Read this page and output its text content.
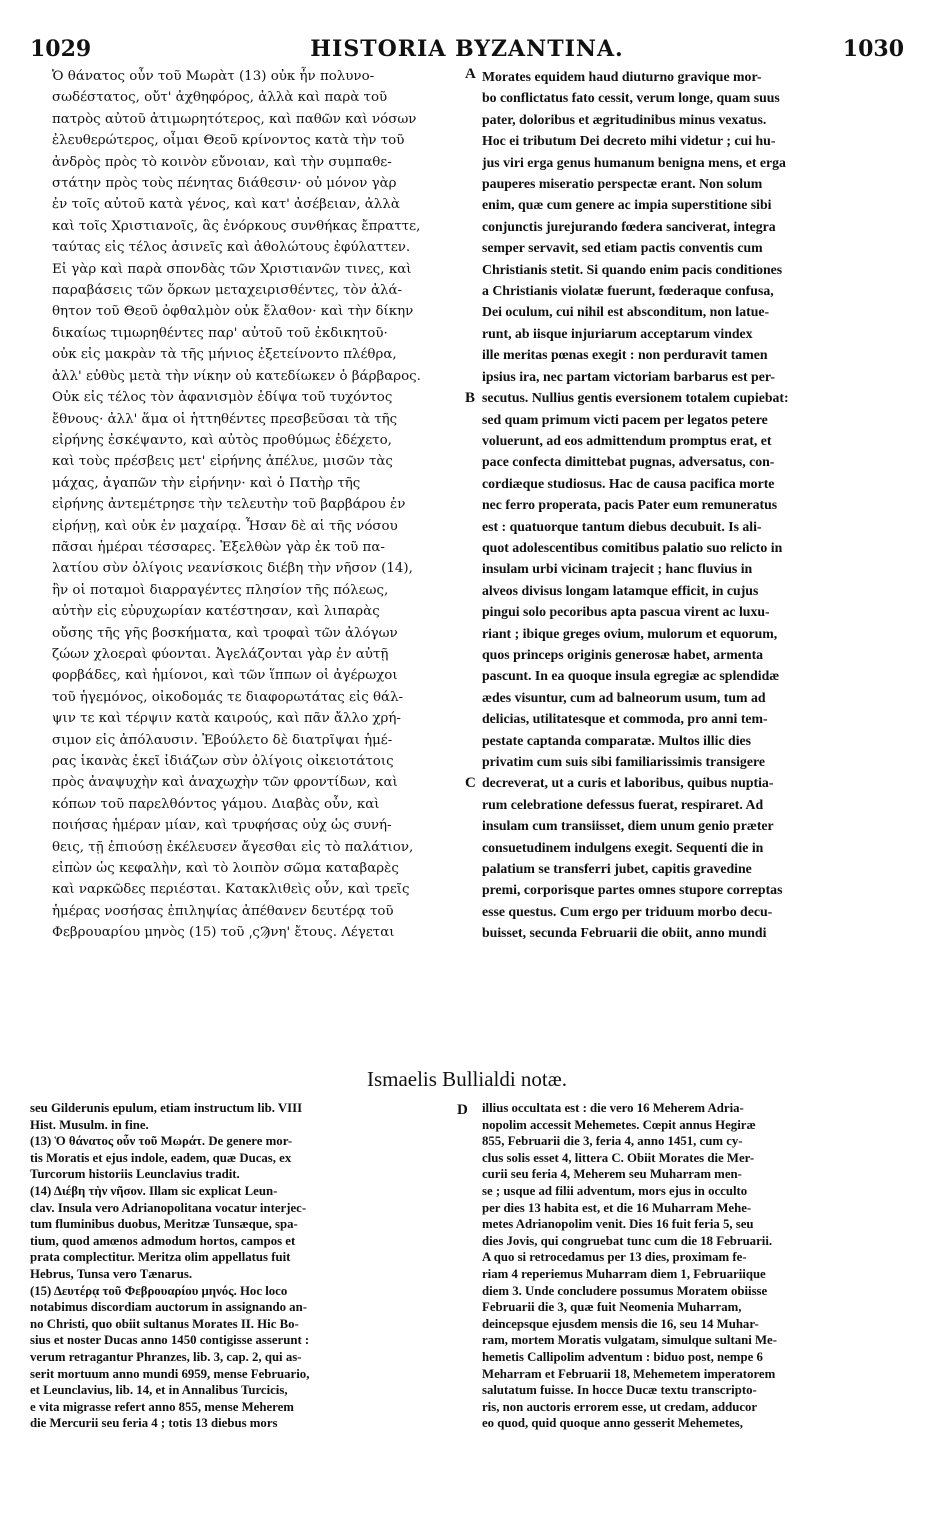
1029	HISTORIA BYZANTINA.	1030
Ὁ θάνατος οὖν τοῦ Μωρὰτ (13) οὐκ ἦν πολυνο-
σωδέστατος, οὔτ' ἀχθηφόρος, ἀλλὰ καὶ παρὰ τοῦ
πατρὸς αὐτοῦ ἀτιμωρητότερος, καὶ παθῶν καὶ νόσων
ἐλευθερώτερος, οἶμαι Θεοῦ κρίνοντος κατὰ τὴν τοῦ
ἀνδρὸς πρὸς τὸ κοινὸν εὔνοιαν, καὶ τὴν συμπαθε-
στάτην πρὸς τοὺς πένητας διάθεσιν· οὐ μόνον γὰρ
ἐν τοῖς αὐτοῦ κατὰ γένος, καὶ κατ' ἀσέβειαν, ἀλλὰ
καὶ τοῖς Χριστιανοῖς, ἃς ἐνόρκους συνθήκας ἔπραττε,
ταύτας εἰς τέλος ἀσινεῖς καὶ ἀθολώτους ἐφύλαττεν.
Εἰ γὰρ καὶ παρὰ σπονδὰς τῶν Χριστιανῶν τινες, καὶ
παραβάσεις τῶν ὅρκων μεταχειρισθέντες, τὸν ἀλά-
θητον τοῦ Θεοῦ ὀφθαλμὸν οὐκ ἔλαθον· καὶ τὴν δίκην
δικαίως τιμωρηθέντες παρ' αὐτοῦ τοῦ ἐκδικητοῦ·
οὐκ εἰς μακρὰν τὰ τῆς μήνιος ἐξετείνοντο πλέθρα,
ἀλλ' εὐθὺς μετὰ τὴν νίκην οὐ κατεδίωκεν ὁ βάρβαρος.
Οὐκ εἰς τέλος τὸν ἀφανισμὸν ἐδίψα τοῦ τυχόντος
ἔθνους· ἀλλ' ἅμα οἱ ἡττηθέντες πρεσβεῦσαι τὰ τῆς
εἰρήνης ἐσκέψαντο, καὶ αὐτὸς προθύμως ἐδέχετο,
καὶ τοὺς πρέσβεις μετ' εἰρήνης ἀπέλυε, μισῶν τὰς
μάχας, ἀγαπῶν τὴν εἰρήνην· καὶ ὁ Πατὴρ τῆς
εἰρήνης ἀντεμέτρησε τὴν τελευτὴν τοῦ βαρβάρου ἐν
εἰρήνῃ, καὶ οὐκ ἐν μαχαίρᾳ. Ἦσαν δὲ αἱ τῆς νόσου
πᾶσαι ἡμέραι τέσσαρες. Ἐξελθὼν γὰρ ἐκ τοῦ πα-
λατίου σὺν ὀλίγοις νεανίσκοις διέβη τὴν νῆσον (14),
ἣν οἱ ποταμοὶ διαρραγέντες πλησίον τῆς πόλεως,
αὐτὴν εἰς εὐρυχωρίαν κατέστησαν, καὶ λιπαρὰς
οὔσης τῆς γῆς βοσκήματα, καὶ τροφαὶ τῶν ἀλόγων
ζώων χλοεραὶ φύονται. Ἀγελάζονται γὰρ ἐν αὐτῇ
φορβάδες, καὶ ἡμίονοι, καὶ τῶν ἵππων οἱ ἀγέρωχοι
τοῦ ἡγεμόνος, οἰκοδομάς τε διαφορωτάτας εἰς θάλ-
ψιν τε καὶ τέρψιν κατὰ καιρούς, καὶ πᾶν ἄλλο χρή-
σιμον εἰς ἀπόλαυσιν. Ἐβούλετο δὲ διατρῖψαι ἡμέ-
ρας ἱκανὰς ἐκεῖ ἰδιάζων σὺν ὀλίγοις οἰκειοτάτοις
πρὸς ἀναψυχὴν καὶ ἀναχωχὴν τῶν φροντίδων, καὶ
κόπων τοῦ παρελθόντος γάμου. Διαβὰς οὖν, καὶ
ποιήσας ἡμέραν μίαν, καὶ τρυφήσας οὐχ ὡς συνή-
θεις, τῇ ἐπιούσῃ ἐκέλευσεν ἄγεσθαι εἰς τὸ παλάτιον,
εἰπὼν ὡς κεφαλὴν, καὶ τὸ λοιπὸν σῶμα καταβαρὲς
καὶ ναρκῶδες περιέσται. Κατακλιθεὶς οὖν, καὶ τρεῖς
ἡμέρας νοσήσας ἐπιληψίας ἀπέθανεν δευτέρᾳ τοῦ
Φεβρουαρίου μηνὸς (15) τοῦ ͵ςϠνη' ἔτους. Λέγεται
Morates equidem haud diuturno gravique mor-
bo conflictatus fato cessit, verum longe, quam suus
pater, doloribus et ægritudinibus minus vexatus.
Hoc ei tributum Dei decreto mihi videtur ; cui hu-
jus viri erga genus humanum benigna mens, et erga
pauperes miseratio perspectæ erant. Non solum
enim, quæ cum genere ac impia superstitione sibi
conjunctis jurejurando fœdera sanciverat, integra
semper servavit, sed etiam pactis conventis cum
Christianis stetit. Si quando enim pacis conditiones
a Christianis violatæ fuerunt, fœderaque confusa,
Dei oculum, cui nihil est absconditum, non latue-
runt, ab iisque injuriarum acceptarum vindex
ille meritas pœnas exegit : non perduravit tamen
ipsius ira, nec partam victoriam barbarus est per-
secutus. Nullius gentis eversionem totalem cupiebat:
sed quam primum victi pacem per legatos petere
voluerunt, ad eos admittendum promptus erat, et
pace confecta dimittebat pugnas, adversatus, con-
cordiæque studiosus. Hac de causa pacifica morte
nec ferro properata, pacis Pater eum remuneratus
est : quatuorque tantum diebus decubuit. Is ali-
quot adolescentibus comitibus palatio suo relicto in
insulam urbi vicinam trajecit ; hanc fluvius in
alveos divisus longam latamque efficit, in cujus
pingui solo pecoribus apta pascua virent ac luxu-
riant ; ibique greges ovium, mulorum et equorum,
quos princeps originis generosæ habet, armenta
pascunt. In ea quoque insula egregiæ ac splendidæ
ædes visuntur, cum ad balneorum usum, tum ad
delicias, utilitatesque et commoda, pro anni tem-
pestate captanda comparatæ. Multos illic dies
privatim cum suis sibi familiarissimis transigere
decreverat, ut a curis et laboribus, quibus nuptia-
rum celebratione defessus fuerat, respiraret. Ad
insulam cum transiisset, diem unum genio præter
consuetudinem indulgens exegit. Sequenti die in
palatium se transferri jubet, capitis gravedine
premi, corporisque partes omnes stupore correptas
esse questus. Cum ergo per triduum morbo decu-
buisset, secunda Februarii die obiit, anno mundi
A
B
C
D
Ismaelis Bullialdi notæ.
seu Gilderunis epulum, etiam instructum lib. VIII
Hist. Musulm. in fine.
(13) Ὁ θάνατος οὖν τοῦ Μωράτ. De genere mor-
tis Moratis et ejus indole, eadem, quæ Ducas, ex
Turcorum historiis Leunclavius tradit.
(14) Διέβη τὴν νῆσον. Illam sic explicat Leun-
clav. Insula vero Adrianopolitana vocatur interjec-
tum fluminibus duobus, Meritzæ Tunsæque, spa-
tium, quod amœnos admodum hortos, campos et
prata complectitur. Meritza olim appellatus fuit
Hebrus, Tunsa vero Tænarus.
(15) Δευτέρᾳ τοῦ Φεβρουαρίου μηνός. Hoc loco
notabimus discordiam auctorum in assignando an-
no Christi, quo obiit sultanus Morates II. Hic Bo-
sius et noster Ducas anno 1450 contigisse asserunt :
verum retragantur Phranzes, lib. 3, cap. 2, qui as-
serit mortuum anno mundi 6959, mense Februario,
et Leunclavius, lib. 14, et in Annalibus Turcicis,
e vita migrasse refert anno 855, mense Meherem
die Mercurii seu feria 4 ; totis 13 diebus mors
illius occultata est : die vero 16 Meherem Adria-
nopolim accessit Mehemetes. Cœpit annus Hegiræ
855, Februarii die 3, feria 4, anno 1451, cum cy-
clus solis esset 4, littera C. Obiit Morates die Mer-
curii seu feria 4, Meherem seu Muharram men-
se ; usque ad filii adventum, mors ejus in occulto
per dies 13 habita est, et die 16 Muharram Mehe-
metes Adrianopolim venit. Dies 16 fuit feria 5, seu
dies Jovis, qui congruebat tunc cum die 18 Februarii.
A quo si retrocedamus per 13 dies, proximam fe-
riam 4 reperiemus Muharram diem 1, Februariique
diem 3. Unde concludere possumus Moratem obiisse
Februarii die 3, quæ fuit Neomenia Muharram,
deincepsque ejusdem mensis die 16, seu 14 Muhar-
ram, mortem Moratis vulgatam, simulque sultani Me-
hemetis Callipolim adventum : biduo post, nempe 6
Meharram et Februarii 18, Mehemetem imperatorem
salutatum fuisse. In hocce Ducæ textu transcripto-
ris, non auctoris errorem esse, ut credam, adducor
eo quod, quid quoque anno gesserit Mehemetes,
